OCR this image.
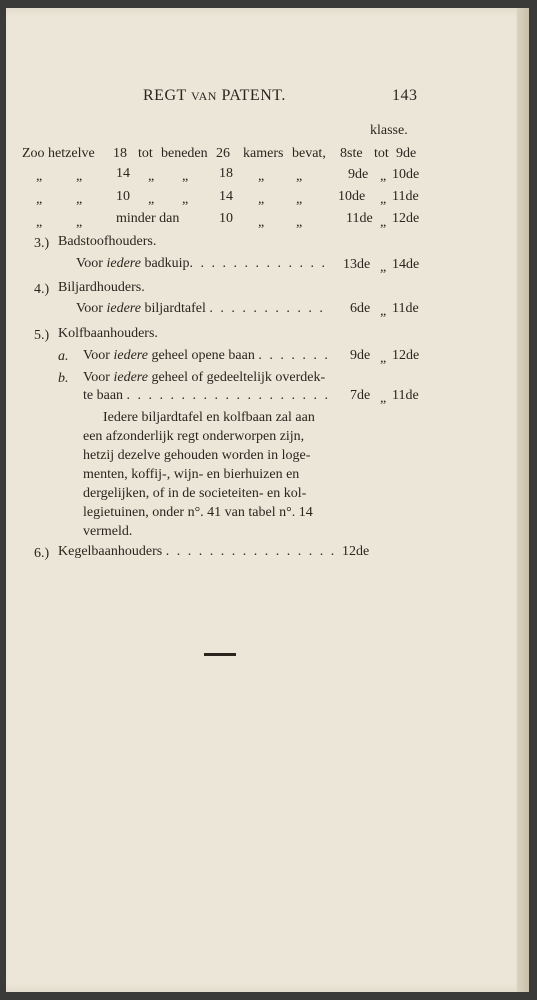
REGT VAN PATENT.	143
klasse.
Zoo hetzelve 18 tot beneden 26 kamers bevat, 8ste tot 9de
„ „ 14 „ „ 18 „ „	9de „ 10de
„ „ 10 „ „ 14 „ „	10de „ 11de
„ „ minder dan	10 „ „	11de „ 12de
3.) Badstoofhouders.
Voor iedere badkuip. . . . . . . . . . . . . 13de „ 14de
4.) Biljardhouders.
Voor iedere biljardtafel . . . . . . . . . . . 6de „ 11de
5.) Kolfbaanhouders.
a. Voor iedere geheel opene baan . . . . . . . 9de „ 12de
b. Voor iedere geheel of gedeeltelijk overdek-
te baan . . . . . . . . . . . . . . . . . . . 7de „ 11de
Iedere biljardtafel en kolfbaan zal aan
een afzonderlijk regt onderworpen zijn,
hetzij dezelve gehouden worden in loge-
menten, koffij-, wijn- en bierhuizen en
dergelijken, of in de societeiten- en kol-
legietuinen, onder n°. 41 van tabel n°. 14
vermeld.
6.) Kegelbaanhouders . . . . . . . . . . . . . . . . 12de
